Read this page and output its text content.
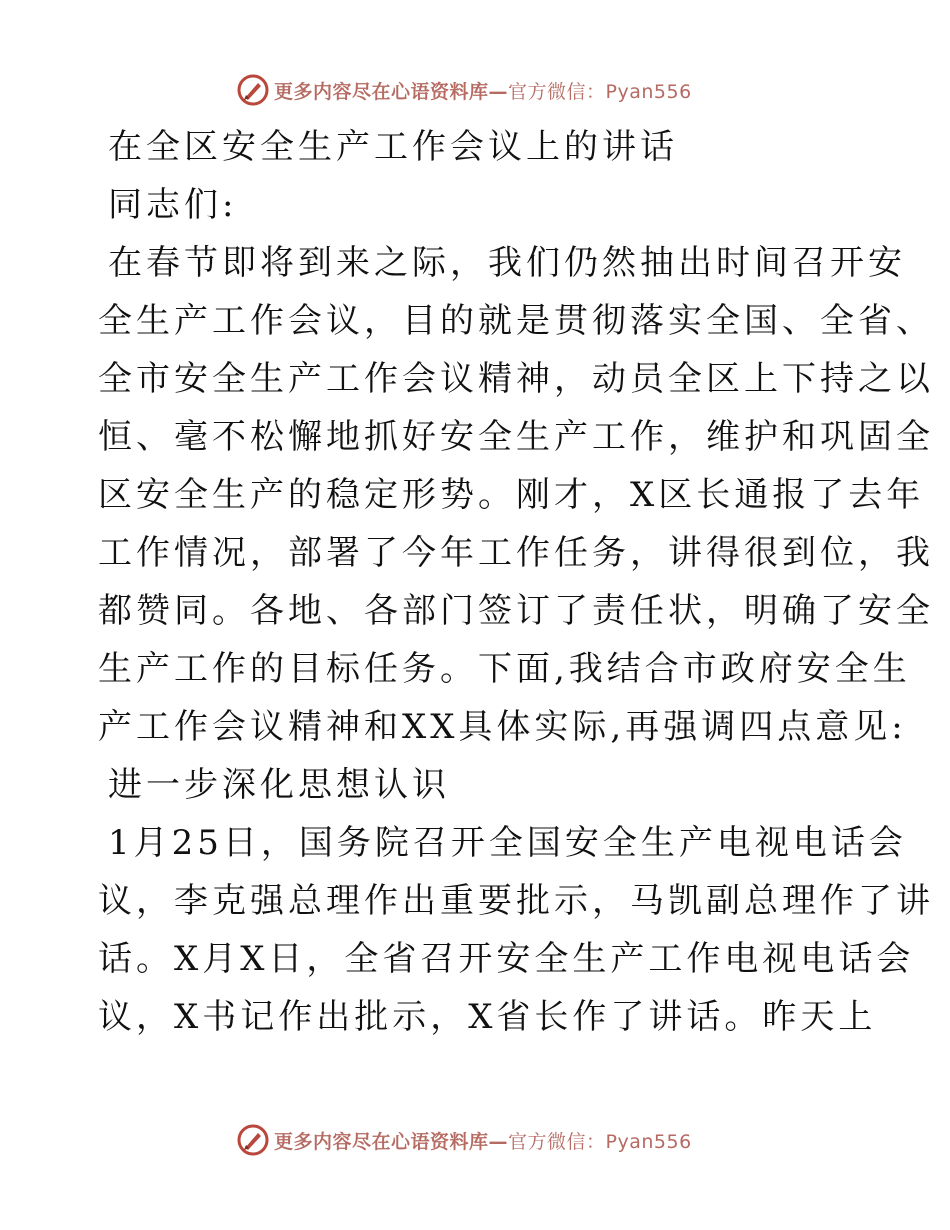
更多内容尽在心语资料库—官方微信：Pyan556
在全区安全生产工作会议上的讲话
同志们:
在春节即将到来之际，我们仍然抽出时间召开安
全生产工作会议，目的就是贯彻落实全国、全省、
全市安全生产工作会议精神，动员全区上下持之以
恒、毫不松懈地抓好安全生产工作，维护和巩固全
区安全生产的稳定形势。刚才，X区长通报了去年
工作情况，部署了今年工作任务，讲得很到位，我
都赞同。各地、各部门签订了责任状，明确了安全
生产工作的目标任务。下面,我结合市政府安全生
产工作会议精神和XX具体实际,再强调四点意见:
进一步深化思想认识
1月25日，国务院召开全国安全生产电视电话会
议，李克强总理作出重要批示，马凯副总理作了讲
话。X月X日，全省召开安全生产工作电视电话会
议，X书记作出批示，X省长作了讲话。昨天上
更多内容尽在心语资料库—官方微信：Pyan556
